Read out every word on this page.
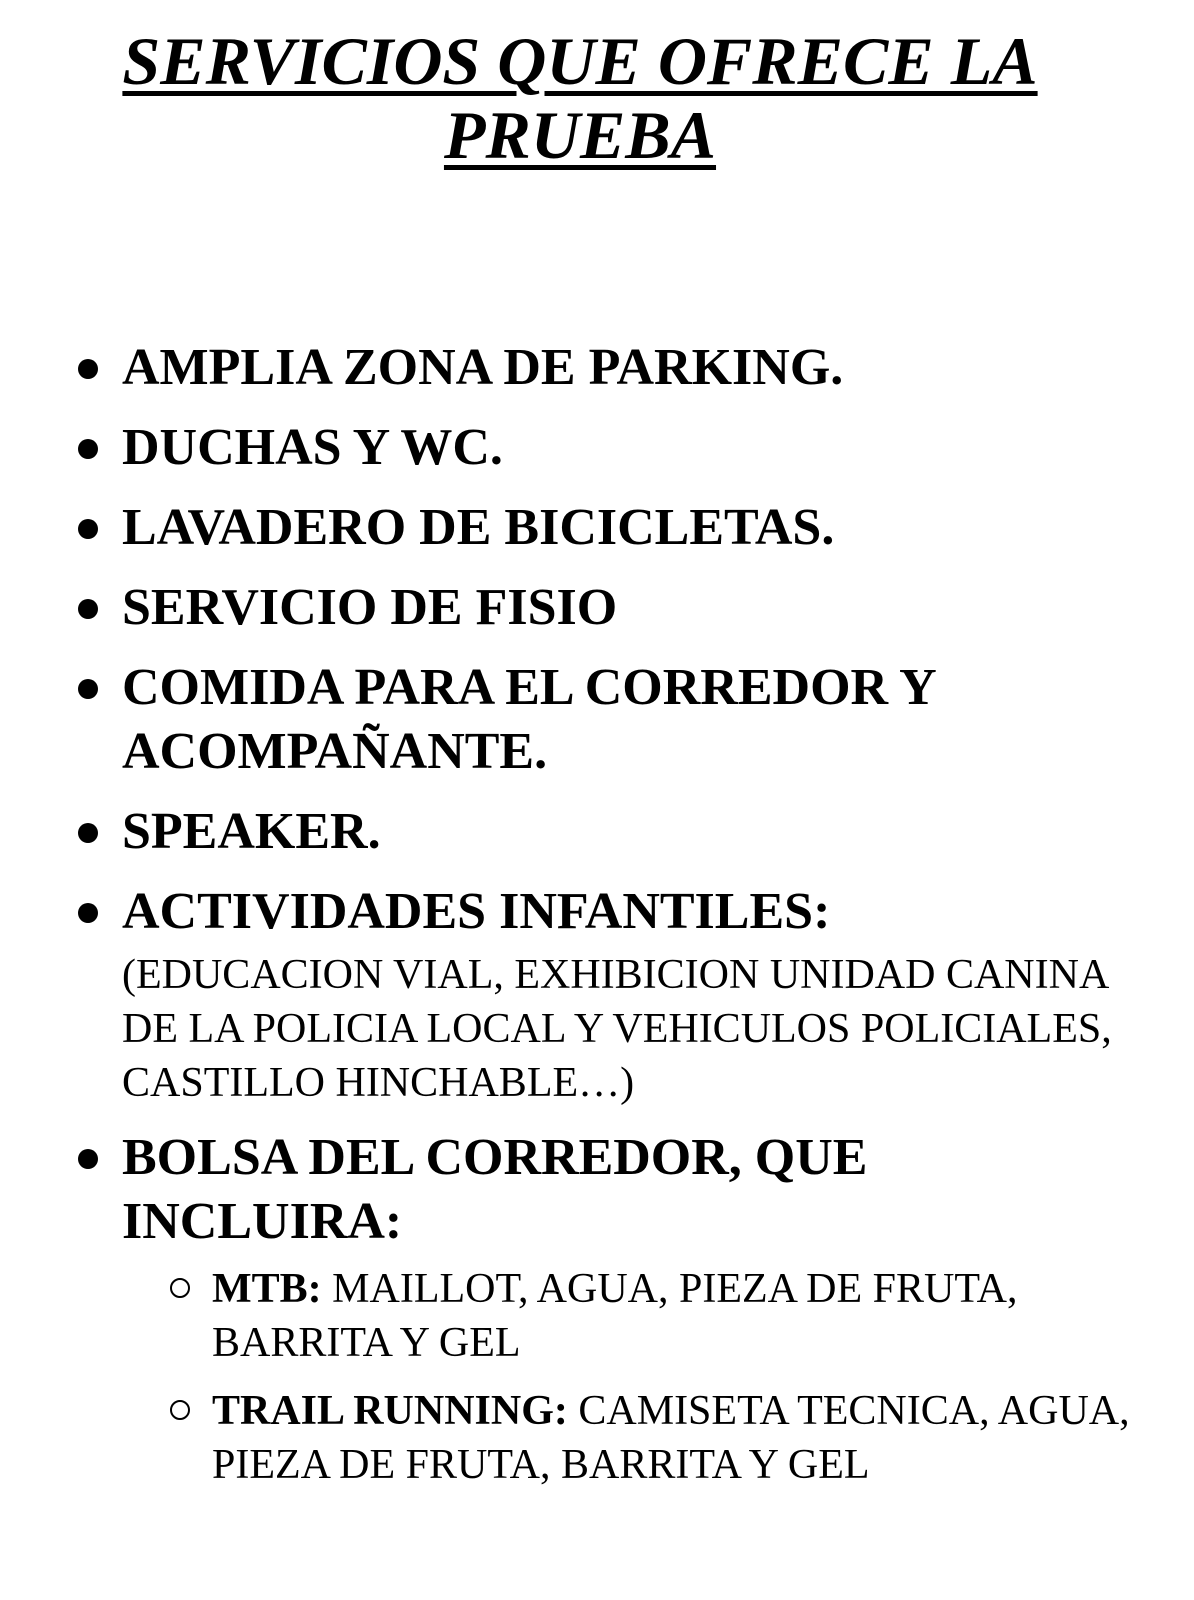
SERVICIOS QUE OFRECE LA PRUEBA
AMPLIA ZONA DE PARKING.
DUCHAS Y WC.
LAVADERO DE BICICLETAS.
SERVICIO DE FISIO
COMIDA PARA EL CORREDOR Y ACOMPAÑANTE.
SPEAKER.
ACTIVIDADES INFANTILES:
(EDUCACION VIAL, EXHIBICION UNIDAD CANINA DE LA POLICIA LOCAL Y VEHICULOS POLICIALES, CASTILLO HINCHABLE…)
BOLSA DEL CORREDOR, QUE INCLUIRA:
MTB: MAILLOT, AGUA, PIEZA DE FRUTA, BARRITA Y GEL
TRAIL RUNNING: CAMISETA TECNICA, AGUA, PIEZA DE FRUTA, BARRITA Y GEL
